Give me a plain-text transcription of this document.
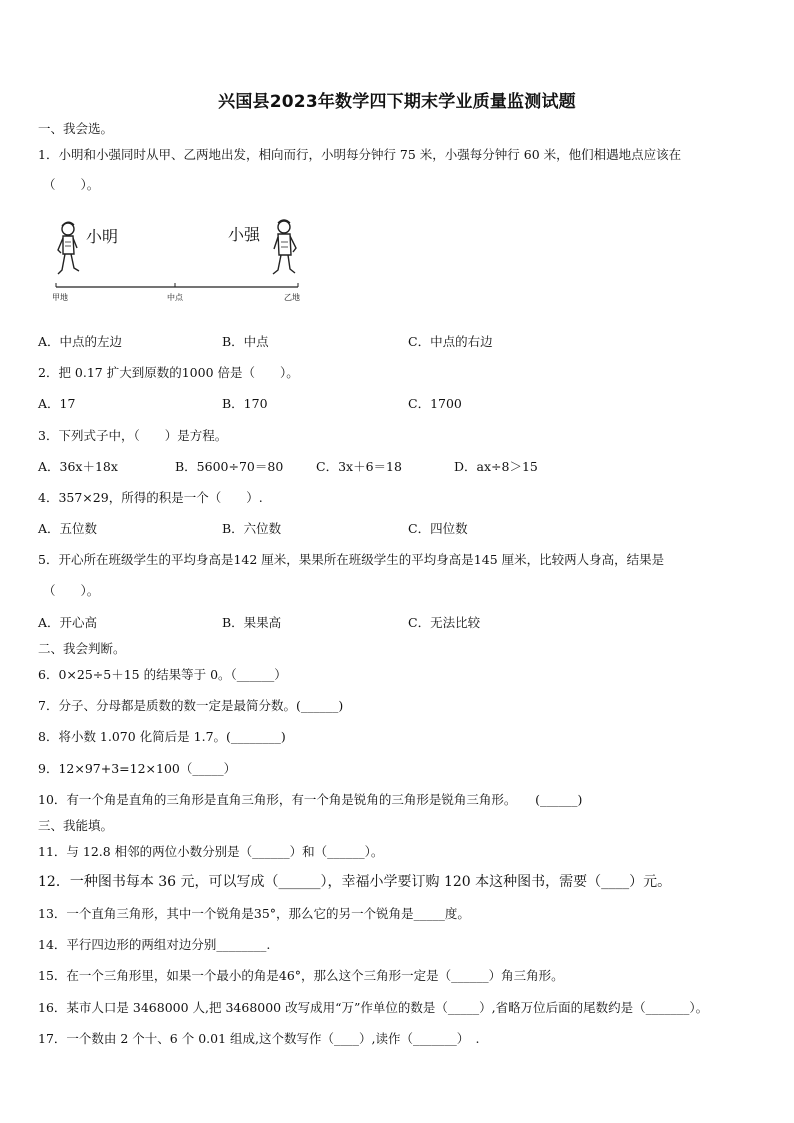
兴国县2023年数学四下期末学业质量监测试题
一、我会选。
1．小明和小强同时从甲、乙两地出发，相向而行，小明每分钟行 75 米，小强每分钟行 60 米，他们相遇地点应该在
（　　）。
小明	小强
甲地	中点	乙地
A．中点的左边	B．中点	C．中点的右边
2．把 0.17 扩大到原数的1000 倍是（　　）。
A．17	B．170	C．1700
3．下列式子中，（　　）是方程。
A．36x＋18x	B．5600÷70＝80	C．3x＋6＝18	D．ax÷8＞15
4．357×29，所得的积是一个（　　）.
A．五位数	B．六位数	C．四位数
5．开心所在班级学生的平均身高是142 厘米，果果所在班级学生的平均身高是145 厘米，比较两人身高，结果是
（　　）。
A．开心高	B．果果高	C．无法比较
二、我会判断。
6．0×25÷5＋15 的结果等于 0。（______）
7．分子、分母都是质数的数一定是最简分数。(______)
8．将小数 1.070 化简后是 1.7。(________)
9．12×97+3=12×100（_____）
10．有一个角是直角的三角形是直角三角形，有一个角是锐角的三角形是锐角三角形。　　(______)
三、我能填。
11．与 12.8 相邻的两位小数分别是（______）和（______）。
12．一种图书每本 36 元，可以写成（______），幸福小学要订购 120 本这种图书，需要（____）元。
13．一个直角三角形，其中一个锐角是35°，那么它的另一个锐角是_____度。
14．平行四边形的两组对边分别________.
15．在一个三角形里，如果一个最小的角是46°，那么这个三角形一定是（______）角三角形。
16．某市人口是 3468000 人,把 3468000 改写成用“万”作单位的数是（_____）,省略万位后面的尾数约是（_______）。
17．一个数由 2 个十、6 个 0.01 组成,这个数写作（____）,读作（_______）　.
